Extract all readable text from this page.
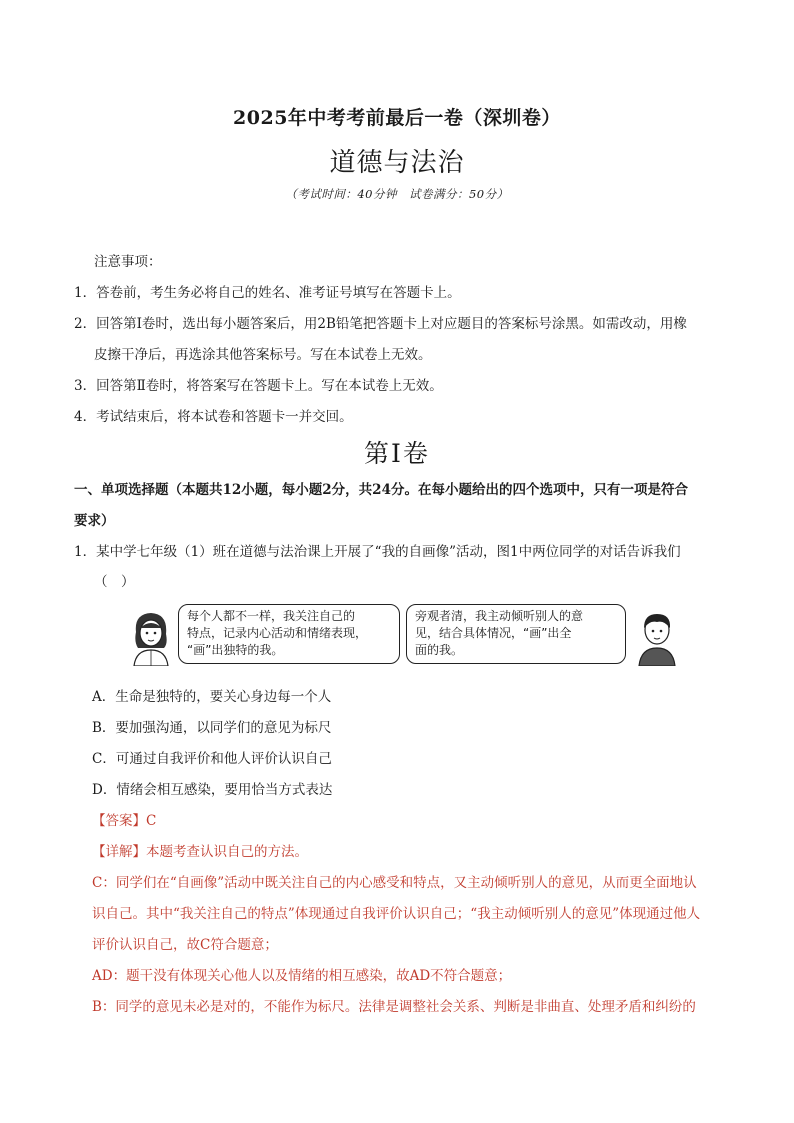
2025年中考考前最后一卷（深圳卷）
道德与法治
（考试时间：40分钟　试卷满分：50分）
注意事项：
1．答卷前，考生务必将自己的姓名、准考证号填写在答题卡上。
2．回答第Ⅰ卷时，选出每小题答案后，用2B铅笔把答题卡上对应题目的答案标号涂黑。如需改动，用橡
皮擦干净后，再选涂其他答案标号。写在本试卷上无效。
3．回答第Ⅱ卷时，将答案写在答题卡上。写在本试卷上无效。
4．考试结束后，将本试卷和答题卡一并交回。
第Ⅰ卷
一、单项选择题（本题共12小题，每小题2分，共24分。在每小题给出的四个选项中，只有一项是符合
要求）
1．某中学七年级（1）班在道德与法治课上开展了“我的自画像”活动，图1中两位同学的对话告诉我们
（　）
每个人都不一样，我关注自己的
特点，记录内心活动和情绪表现，
“画”出独特的我。
旁观者清，我主动倾听别人的意
见，结合具体情况，“画”出全
面的我。
A．生命是独特的，要关心身边每一个人
B．要加强沟通，以同学们的意见为标尺
C．可通过自我评价和他人评价认识自己
D．情绪会相互感染，要用恰当方式表达
【答案】C
【详解】本题考查认识自己的方法。
C：同学们在“自画像”活动中既关注自己的内心感受和特点，又主动倾听别人的意见，从而更全面地认
识自己。其中“我关注自己的特点”体现通过自我评价认识自己；“我主动倾听别人的意见”体现通过他人
评价认识自己，故C符合题意；
AD：题干没有体现关心他人以及情绪的相互感染，故AD不符合题意；
B：同学的意见未必是对的，不能作为标尺。法律是调整社会关系、判断是非曲直、处理矛盾和纠纷的
